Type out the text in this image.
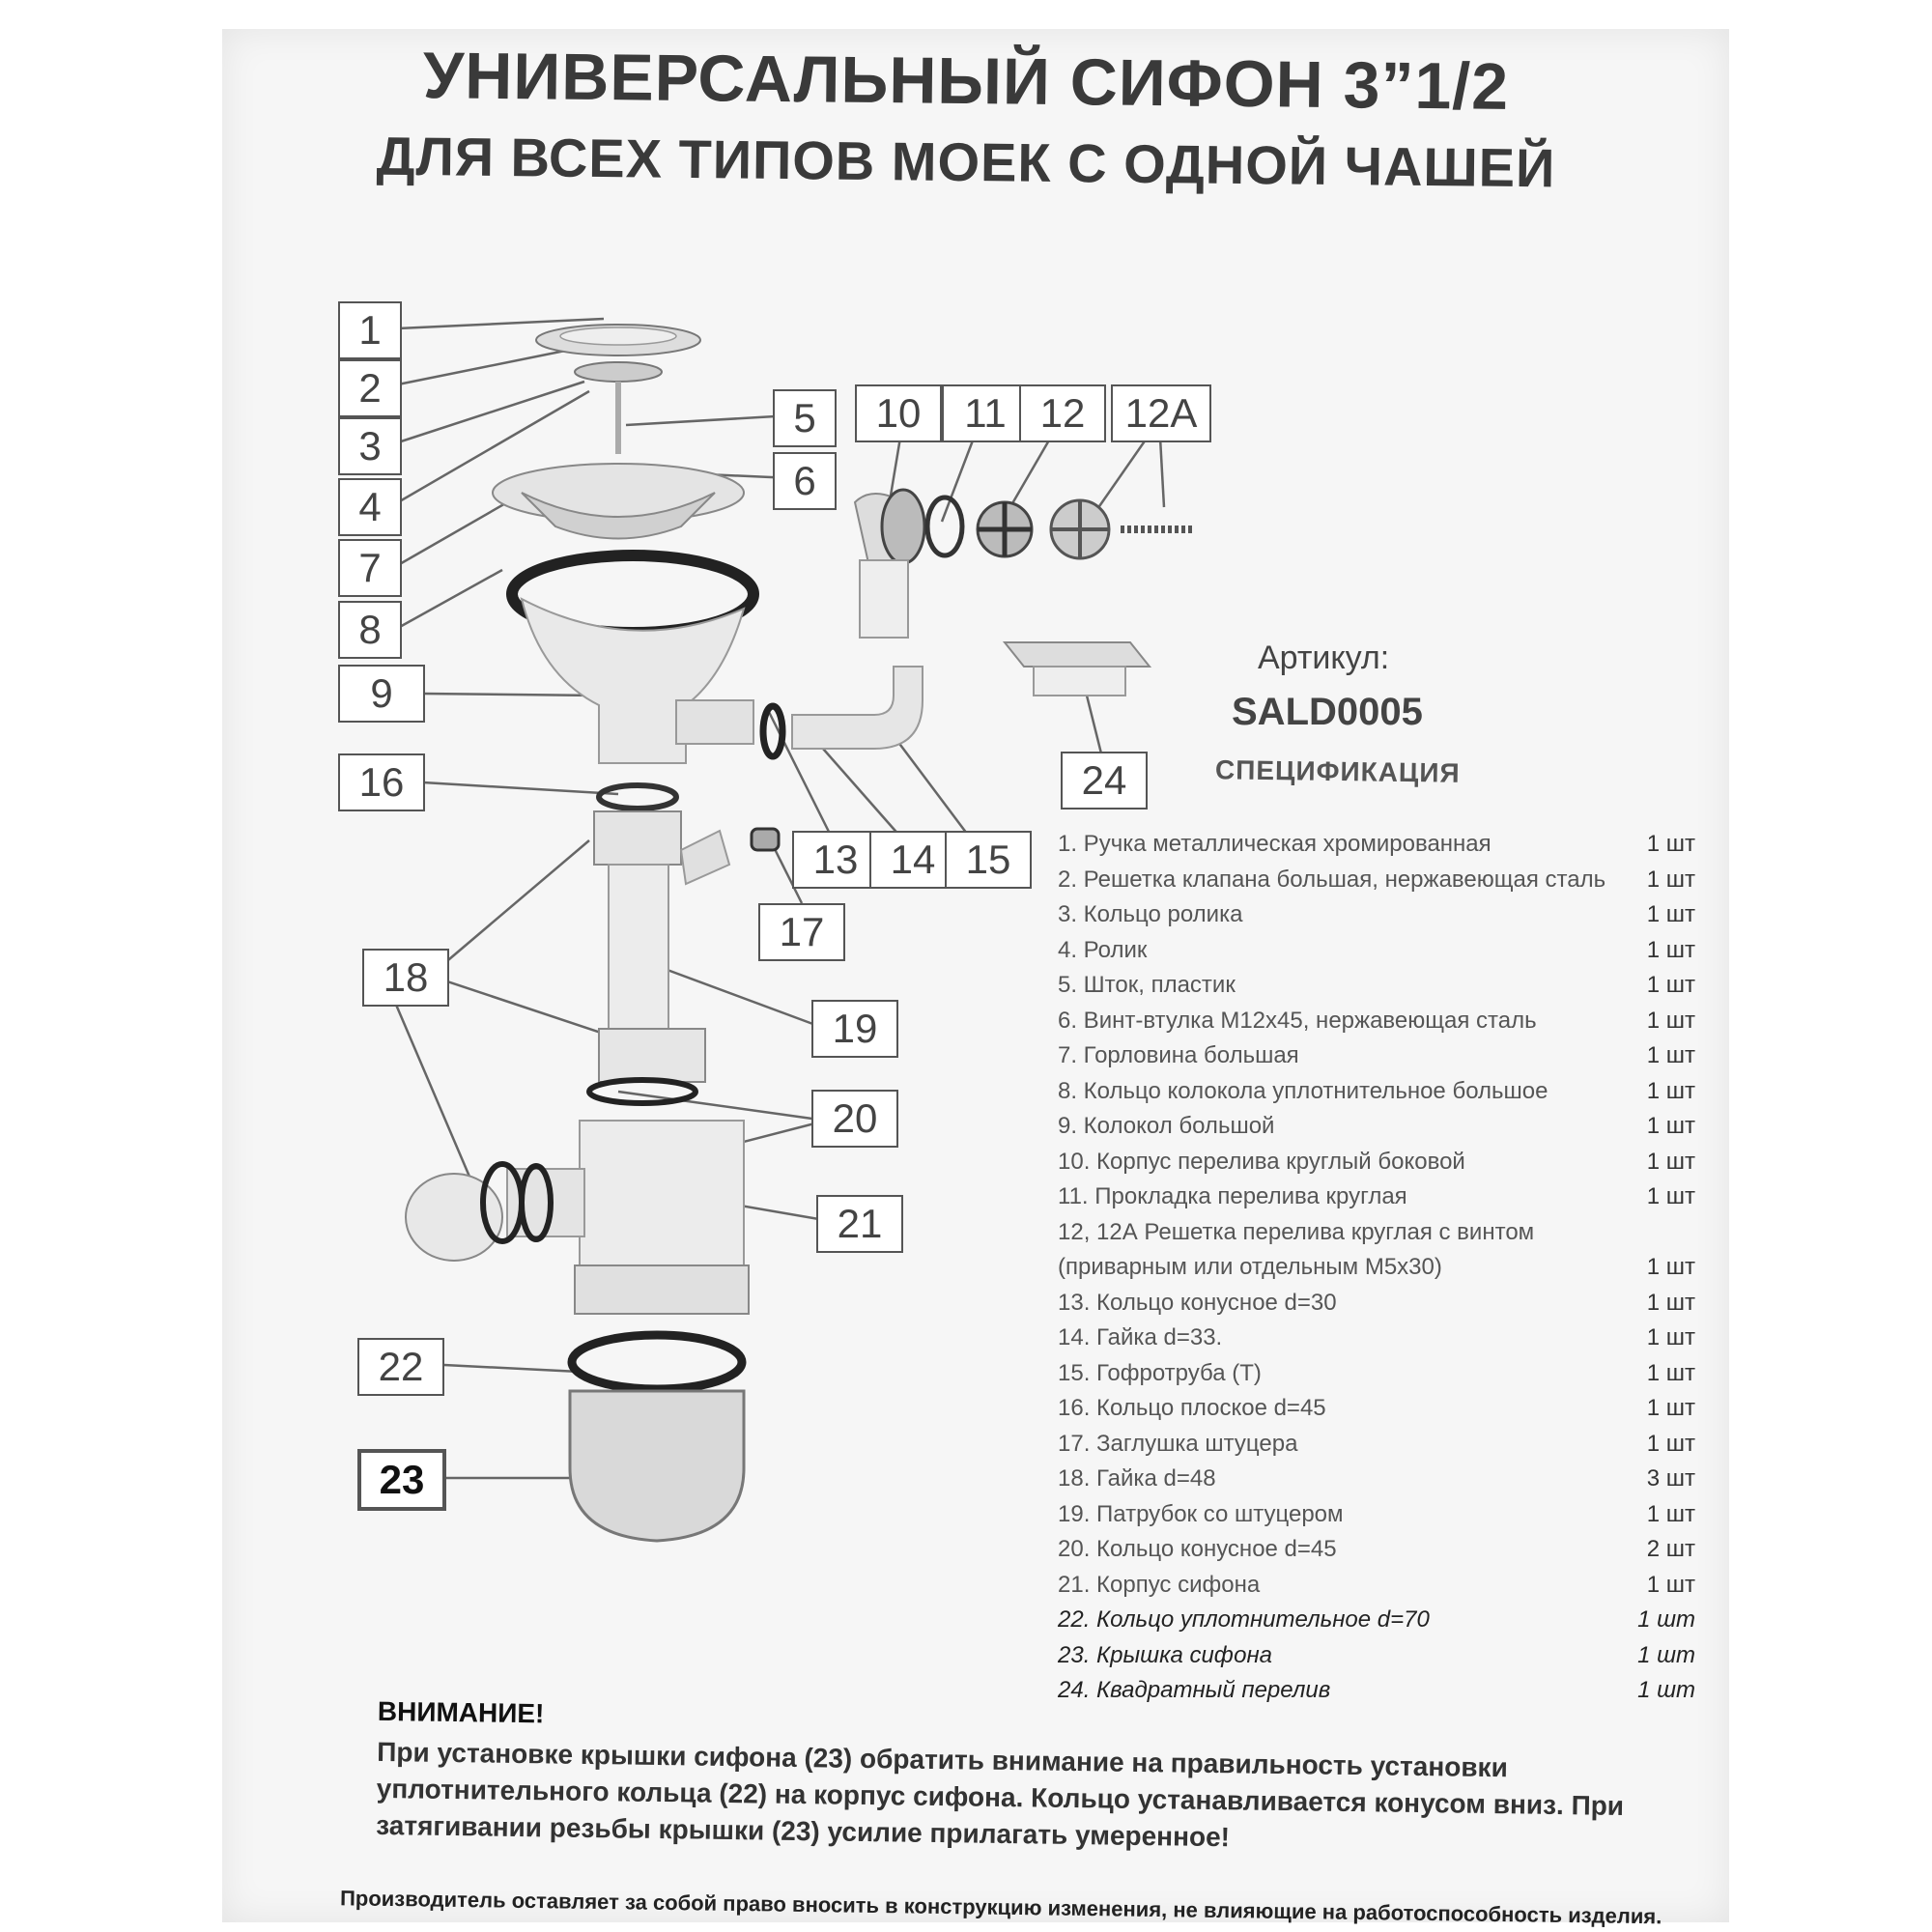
УНИВЕРСАЛЬНЫЙ СИФОН 3”1/2
ДЛЯ ВСЕХ ТИПОВ МОЕК С ОДНОЙ ЧАШЕЙ
1
2
3
4
7
8
9
16
18
22
23
5
6
10	11 12 12A
13 14 15
17
19
20
21
24
Артикул:
SALD0005
СПЕЦИФИКАЦИЯ
1. Ручка металлическая хромированная	1 шт
2. Решетка клапана большая, нержавеющая сталь 1 шт
3. Кольцо ролика	1 шт
4. Ролик	1 шт
5. Шток, пластик	1 шт
6. Винт-втулка М12х45, нержавеющая сталь	1 шт
7. Горловина большая	1 шт
8. Кольцо колокола уплотнительное большое	1 шт
9. Колокол большой	1 шт
10. Корпус перелива круглый боковой	1 шт
11. Прокладка перелива круглая	1 шт
12, 12А Решетка перелива круглая с винтом
(приварным или отдельным М5х30)	1 шт
13. Кольцо конусное d=30	1 шт
14. Гайка d=33.	1 шт
15. Гофротруба (Т)	1 шт
16. Кольцо плоское d=45	1 шт
17. Заглушка штуцера	1 шт
18. Гайка d=48	3 шт
19. Патрубок со штуцером	1 шт
20. Кольцо конусное d=45	2 шт
21. Корпус сифона	1 шт
22. Кольцо уплотнительное d=70	1 шт
23. Крышка сифона	1 шт
24. Квадратный перелив	1 шт
ВНИМАНИЕ!
При установке крышки сифона (23) обратить внимание на правильность установки уплотнительного кольца (22) на корпус сифона. Кольцо устанавливается конусом вниз. При затягивании резьбы крышки (23) усилие прилагать умеренное!
Производитель оставляет за собой право вносить в конструкцию изменения, не влияющие на работоспособность изделия.
